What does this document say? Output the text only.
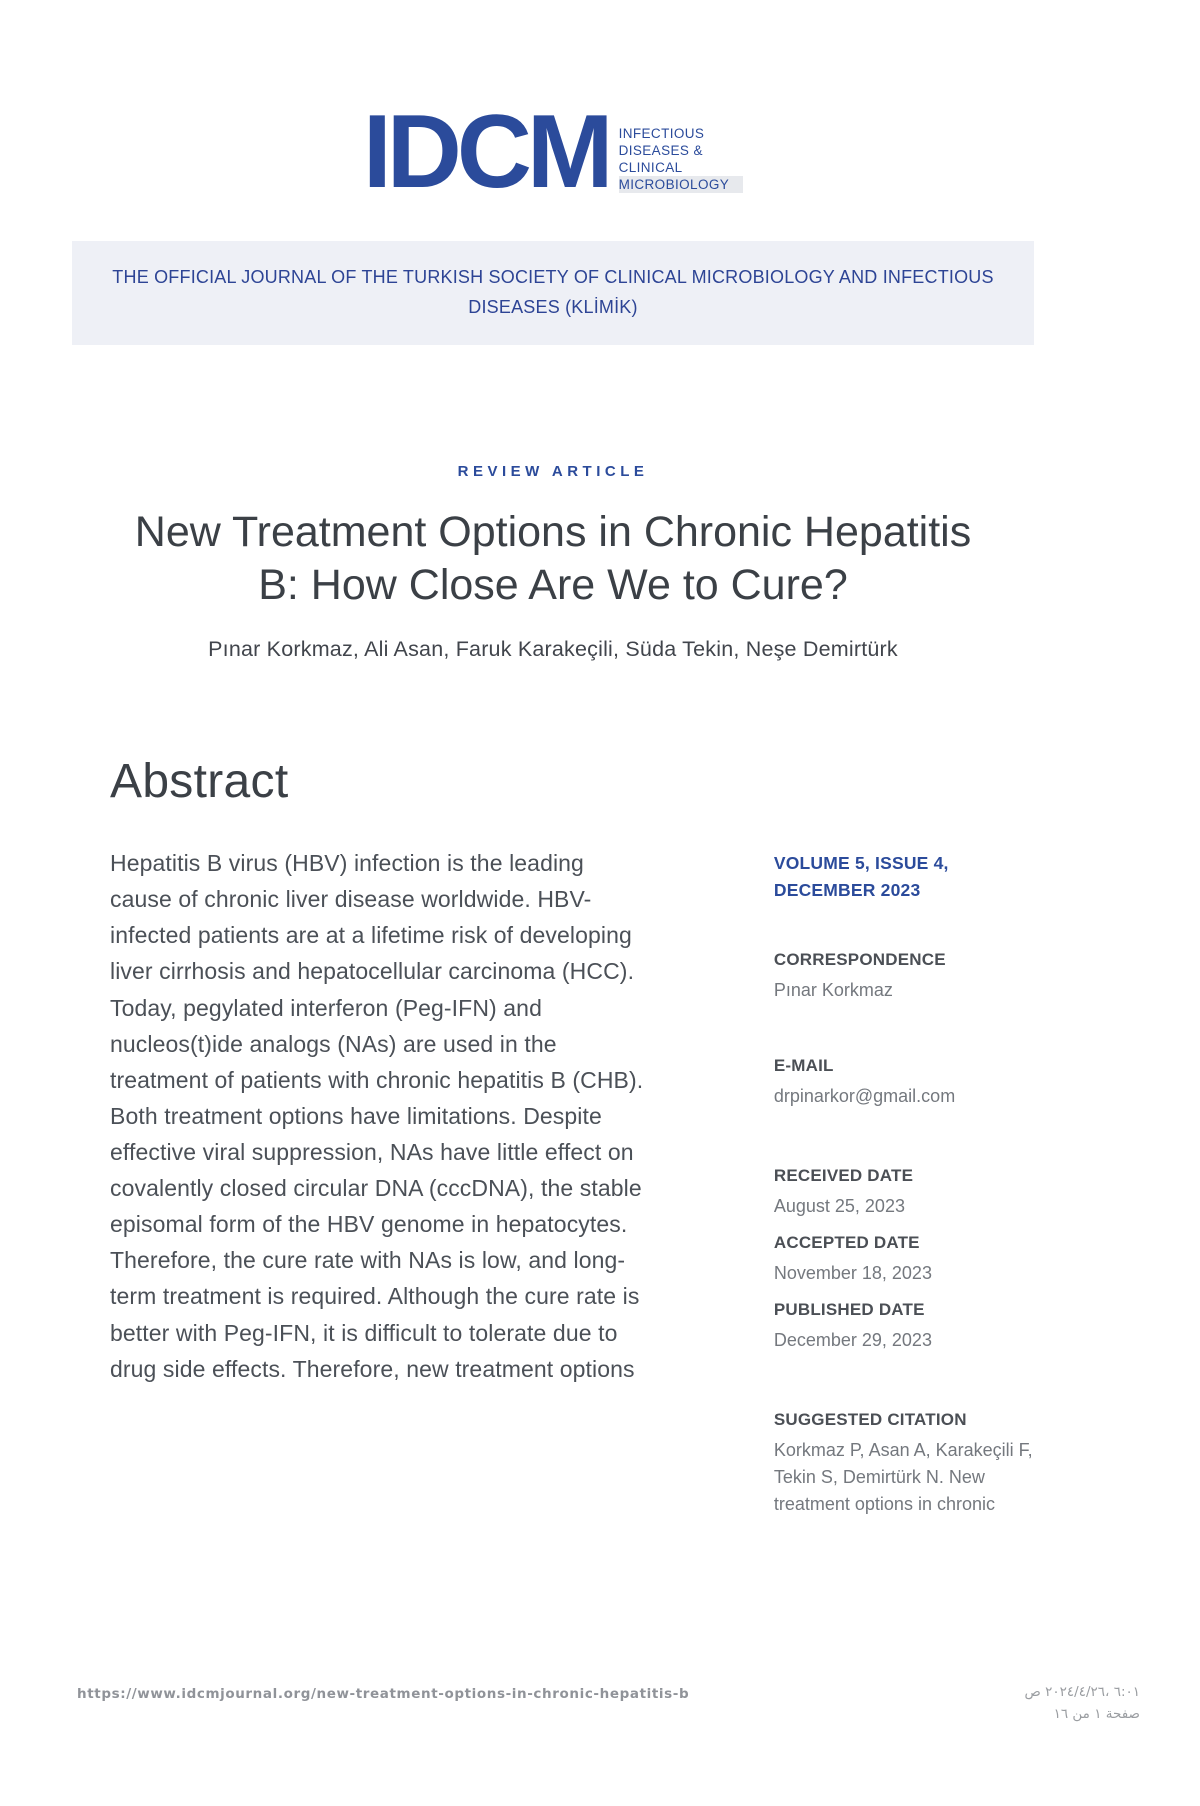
IDCM INFECTIOUS
DISEASES &
CLINICAL
MICROBIOLOGY
THE OFFICIAL JOURNAL OF THE TURKISH SOCIETY OF CLINICAL MICROBIOLOGY AND INFECTIOUS DISEASES (KLİMİK)
REVIEW ARTICLE
New Treatment Options in Chronic Hepatitis B: How Close Are We to Cure?
Pınar Korkmaz, Ali Asan, Faruk Karakeçili, Süda Tekin, Neşe Demirtürk
Abstract

Hepatitis B virus (HBV) infection is the leading cause of chronic liver disease worldwide. HBV-infected patients are at a lifetime risk of developing liver cirrhosis and hepatocellular carcinoma (HCC). Today, pegylated interferon (Peg-IFN) and nucleos(t)ide analogs (NAs) are used in the treatment of patients with chronic hepatitis B (CHB). Both treatment options have limitations. Despite effective viral suppression, NAs have little effect on covalently closed circular DNA (cccDNA), the stable episomal form of the HBV genome in hepatocytes. Therefore, the cure rate with NAs is low, and long-term treatment is required. Although the cure rate is better with Peg-IFN, it is difficult to tolerate due to drug side effects. Therefore, new treatment options

VOLUME 5, ISSUE 4, DECEMBER 2023
CORRESPONDENCE
Pınar Korkmaz
E-MAIL
drpinarkor@gmail.com
RECEIVED DATE
August 25, 2023
ACCEPTED DATE
November 18, 2023
PUBLISHED DATE
December 29, 2023
SUGGESTED CITATION
Korkmaz P, Asan A, Karakeçili F, Tekin S, Demirtürk N. New treatment options in chronic
https://www.idcmjournal.org/new-treatment-options-in-chronic-hepatitis-b	٦:٠١ ،٢٠٢٤/٤/٢٦ ص
صفحة ١ من ١٦
